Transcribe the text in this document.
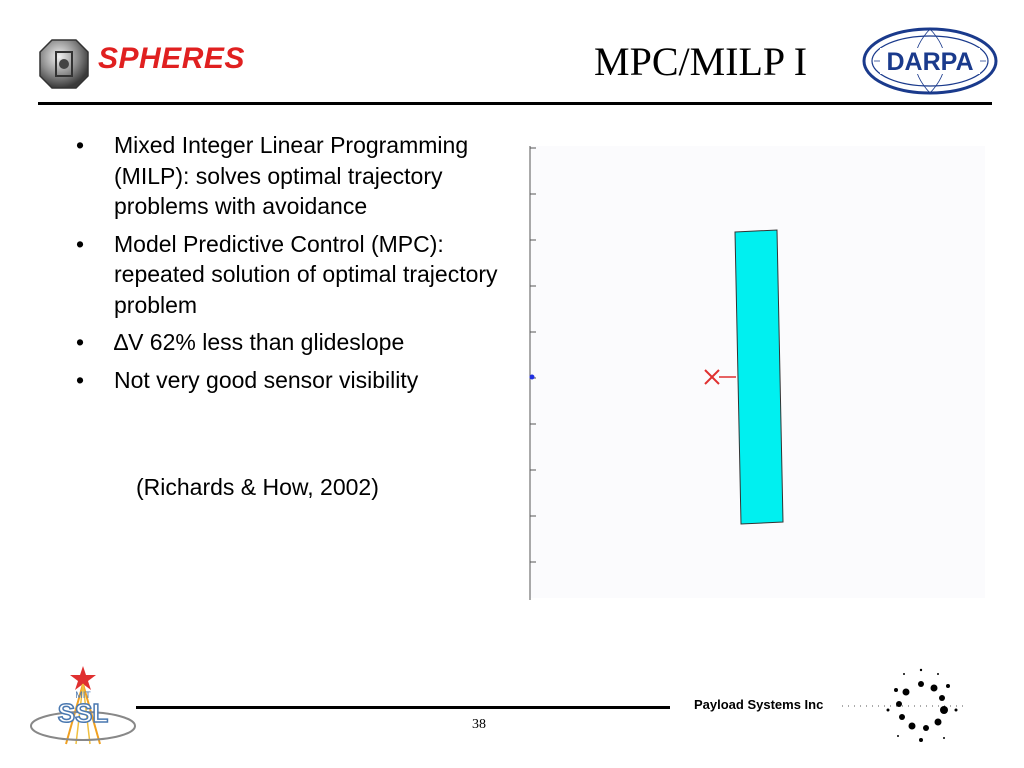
SPHERES	MPC/MILP I	DARPA
• Mixed Integer Linear Programming (MILP): solves optimal trajectory problems with avoidance
• Model Predictive Control (MPC): repeated solution of optimal trajectory problem
• ∆V 62% less than glideslope
• Not very good sensor visibility
(Richards & How, 2002)
MIT
SSL	Payload Systems Inc
38
